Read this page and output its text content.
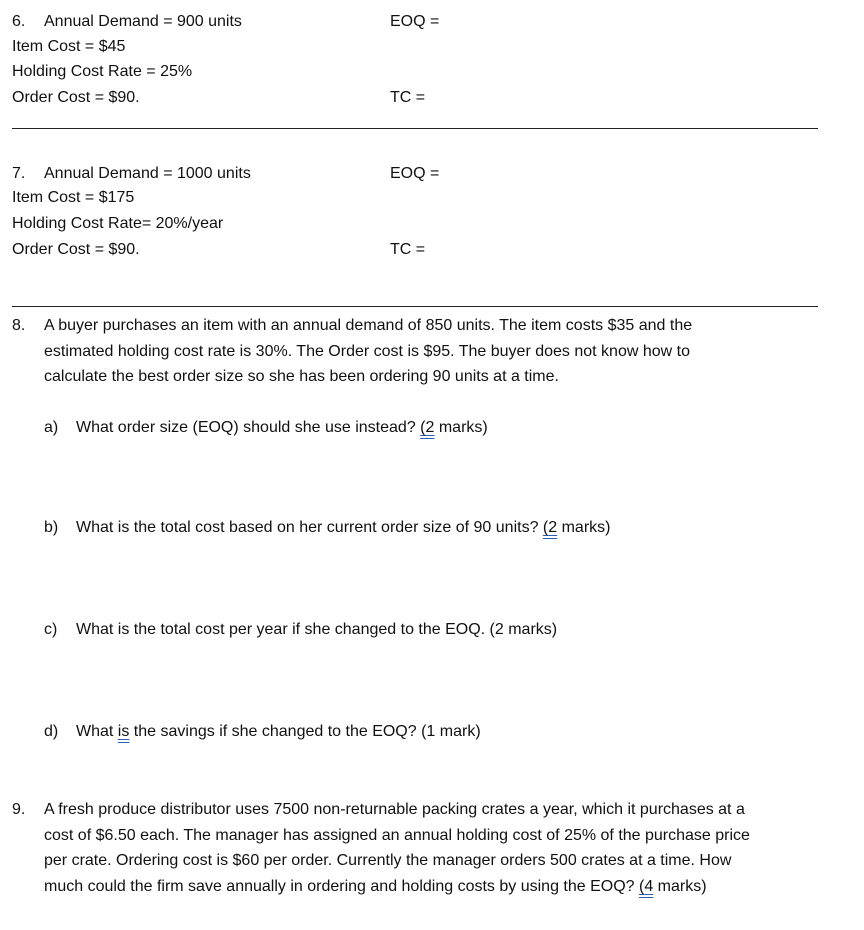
6. Annual Demand = 900 units
Item Cost = $45
Holding Cost Rate = 25%
Order Cost = $90.
EOQ =
TC =
7. Annual Demand = 1000 units
Item Cost = $175
Holding Cost Rate= 20%/year
Order Cost = $90.
EOQ =
TC =
8. A buyer purchases an item with an annual demand of 850 units. The item costs $35 and the
estimated holding cost rate is 30%. The Order cost is $95. The buyer does not know how to
calculate the best order size so she has been ordering 90 units at a time.
a) What order size (EOQ) should she use instead? (2 marks)
b) What is the total cost based on her current order size of 90 units? (2 marks)
c) What is the total cost per year if she changed to the EOQ. (2 marks)
d) What is the savings if she changed to the EOQ? (1 mark)
9. A fresh produce distributor uses 7500 non-returnable packing crates a year, which it purchases at a
cost of $6.50 each. The manager has assigned an annual holding cost of 25% of the purchase price
per crate. Ordering cost is $60 per order. Currently the manager orders 500 crates at a time. How
much could the firm save annually in ordering and holding costs by using the EOQ? (4 marks)
